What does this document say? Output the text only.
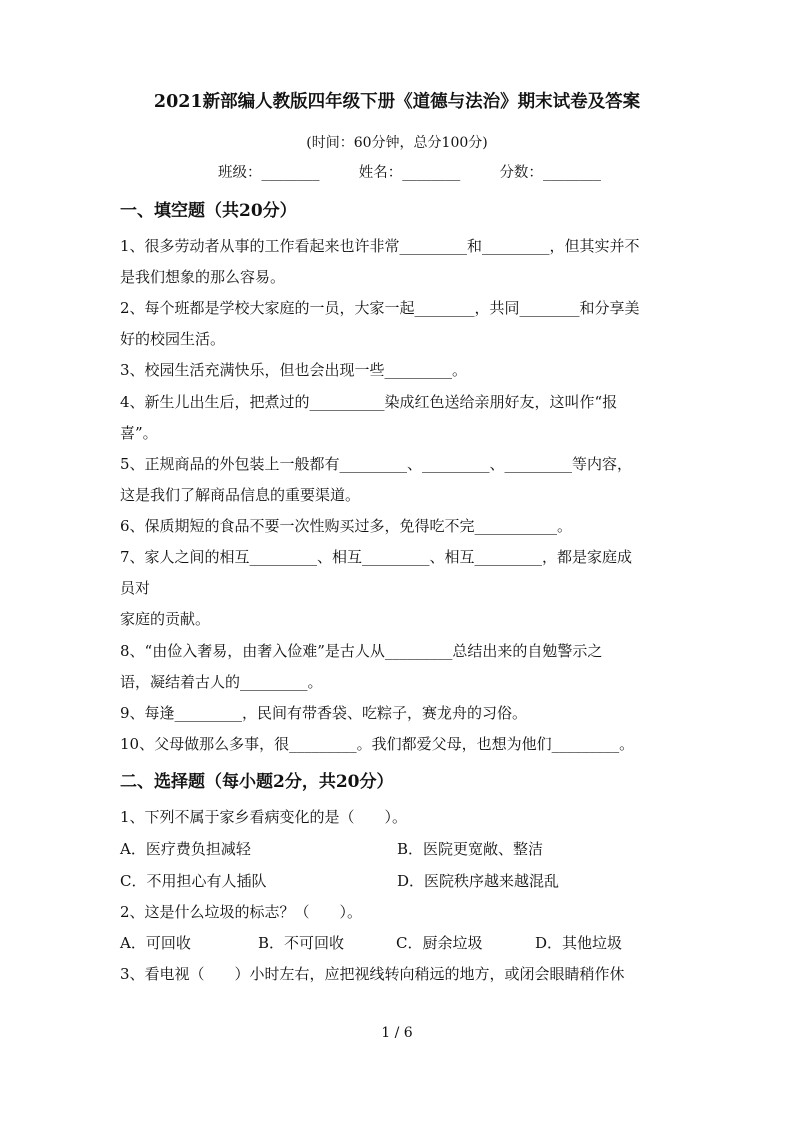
2021新部编人教版四年级下册《道德与法治》期末试卷及答案
(时间：60分钟，总分100分)
班级：________	姓名：________	分数：________
一、填空题（共20分）
1、很多劳动者从事的工作看起来也许非常_________和_________，但其实并不
是我们想象的那么容易。
2、每个班都是学校大家庭的一员，大家一起________，共同________和分享美
好的校园生活。
3、校园生活充满快乐，但也会出现一些_________。
4、新生儿出生后，把煮过的__________染成红色送给亲朋好友，这叫作“报
喜”。
5、正规商品的外包装上一般都有_________、_________、_________等内容，
这是我们了解商品信息的重要渠道。
6、保质期短的食品不要一次性购买过多，免得吃不完___________。
7、家人之间的相互_________、相互_________、相互_________，都是家庭成
员对
家庭的贡献。
8、“由俭入奢易，由奢入俭难”是古人从_________总结出来的自勉警示之
语，凝结着古人的_________。
9、每逢_________，民间有带香袋、吃粽子，赛龙舟的习俗。
10、父母做那么多事，很_________。我们都爱父母，也想为他们_________。
二、选择题（每小题2分，共20分）
1、下列不属于家乡看病变化的是（　　）。
A．医疗费负担减轻	B．医院更宽敞、整洁
C．不用担心有人插队	D．医院秩序越来越混乱
2、这是什么垃圾的标志？（　　）。
A．可回收	B．不可回收	C．厨余垃圾	D．其他垃圾
3、看电视（　　）小时左右，应把视线转向稍远的地方，或闭会眼睛稍作休
1 / 6
